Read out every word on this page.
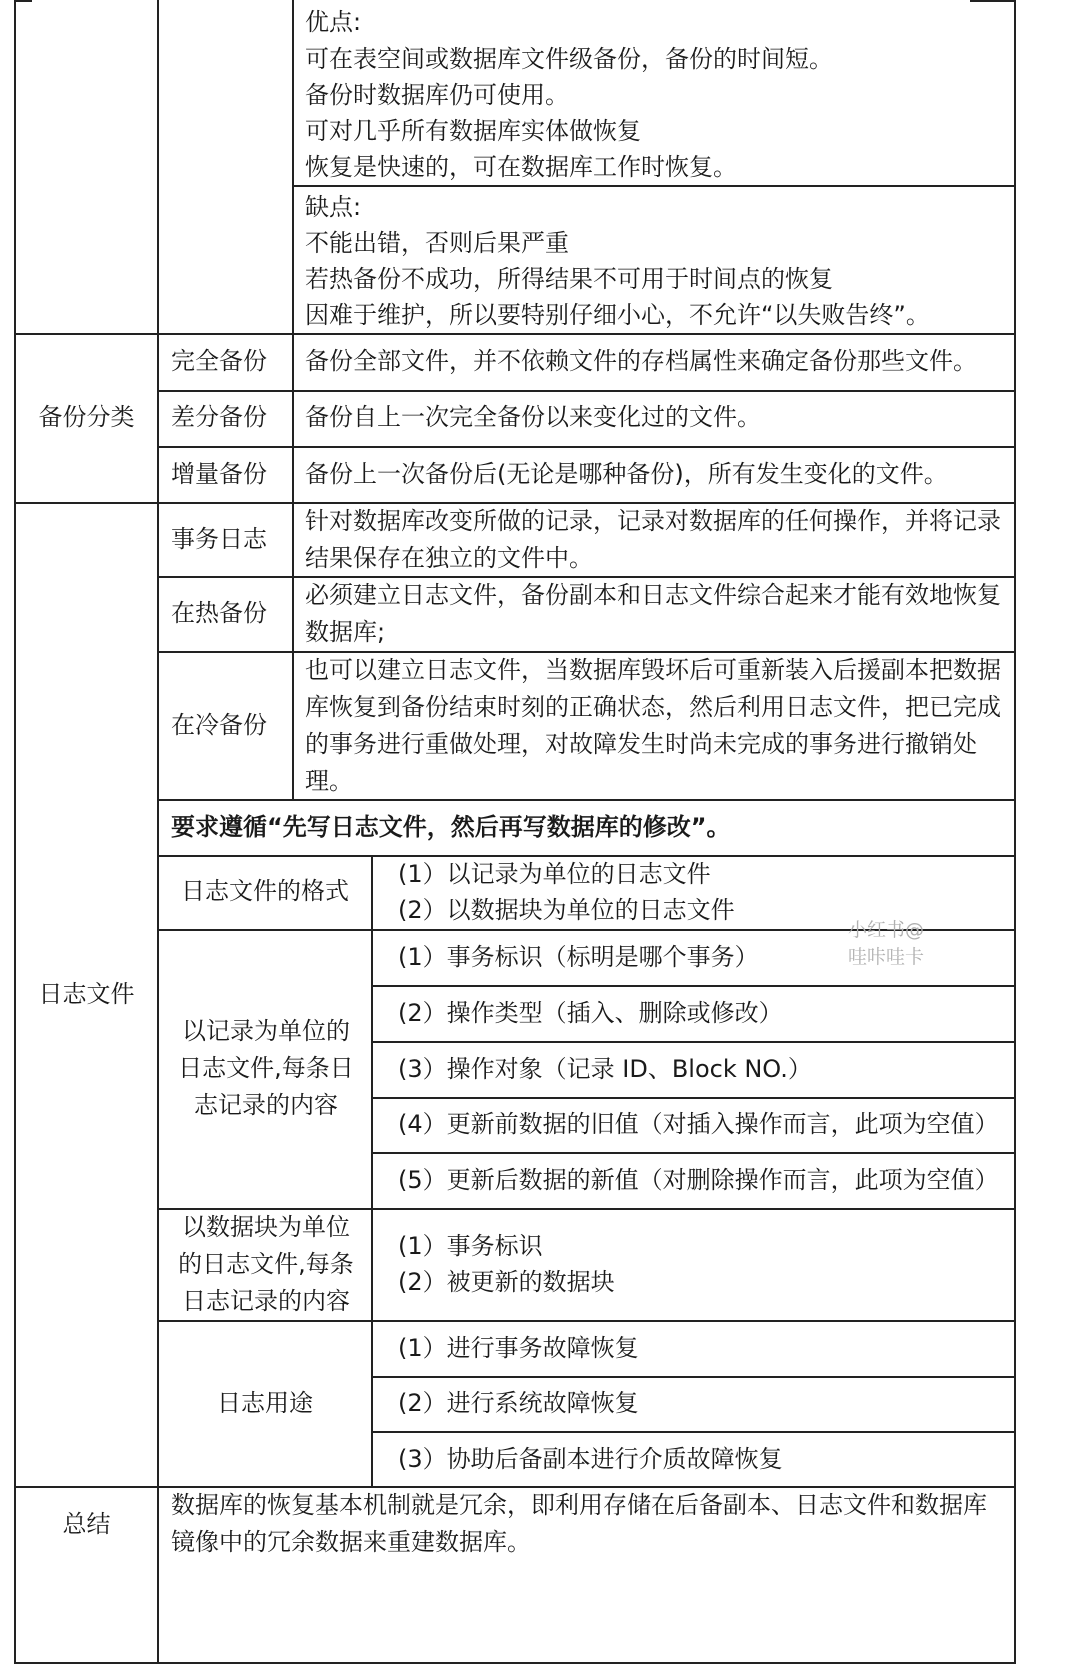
优点:
可在表空间或数据库文件级备份，备份的时间短。
备份时数据库仍可使用。
可对几乎所有数据库实体做恢复
恢复是快速的，可在数据库工作时恢复。
缺点:
不能出错，否则后果严重
若热备份不成功，所得结果不可用于时间点的恢复
因难于维护，所以要特别仔细小心，不允许“以失败告终”。
备份分类
完全备份 备份全部文件，并不依赖文件的存档属性来确定备份那些文件。
差分备份 备份自上一次完全备份以来变化过的文件。
增量备份 备份上一次备份后(无论是哪种备份)，所有发生变化的文件。
日志文件
事务日志
针对数据库改变所做的记录，记录对数据库的任何操作，并将记录结果保存在独立的文件中。
在热备份
必须建立日志文件，备份副本和日志文件综合起来才能有效地恢复数据库;
在冷备份
也可以建立日志文件，当数据库毁坏后可重新装入后援副本把数据库恢复到备份结束时刻的正确状态，然后利用日志文件，把已完成的事务进行重做处理，对故障发生时尚未完成的事务进行撤销处理。
要求遵循“先写日志文件，然后再写数据库的修改”。
日志文件的格式
(1）以记录为单位的日志文件
(2）以数据块为单位的日志文件
以记录为单位的日志文件,每条日志记录的内容
(1）事务标识（标明是哪个事务）
(2）操作类型（插入、删除或修改）
(3）操作对象（记录 ID、Block NO.）
(4）更新前数据的旧值（对插入操作而言，此项为空值）
(5）更新后数据的新值（对删除操作而言，此项为空值）
以数据块为单位的日志文件,每条日志记录的内容
(1）事务标识
(2）被更新的数据块
日志用途
(1）进行事务故障恢复
(2）进行系统故障恢复
(3）协助后备副本进行介质故障恢复
总结
数据库的恢复基本机制就是冗余，即利用存储在后备副本、日志文件和数据库镜像中的冗余数据来重建数据库。
小红书@
哇咔哇卡
